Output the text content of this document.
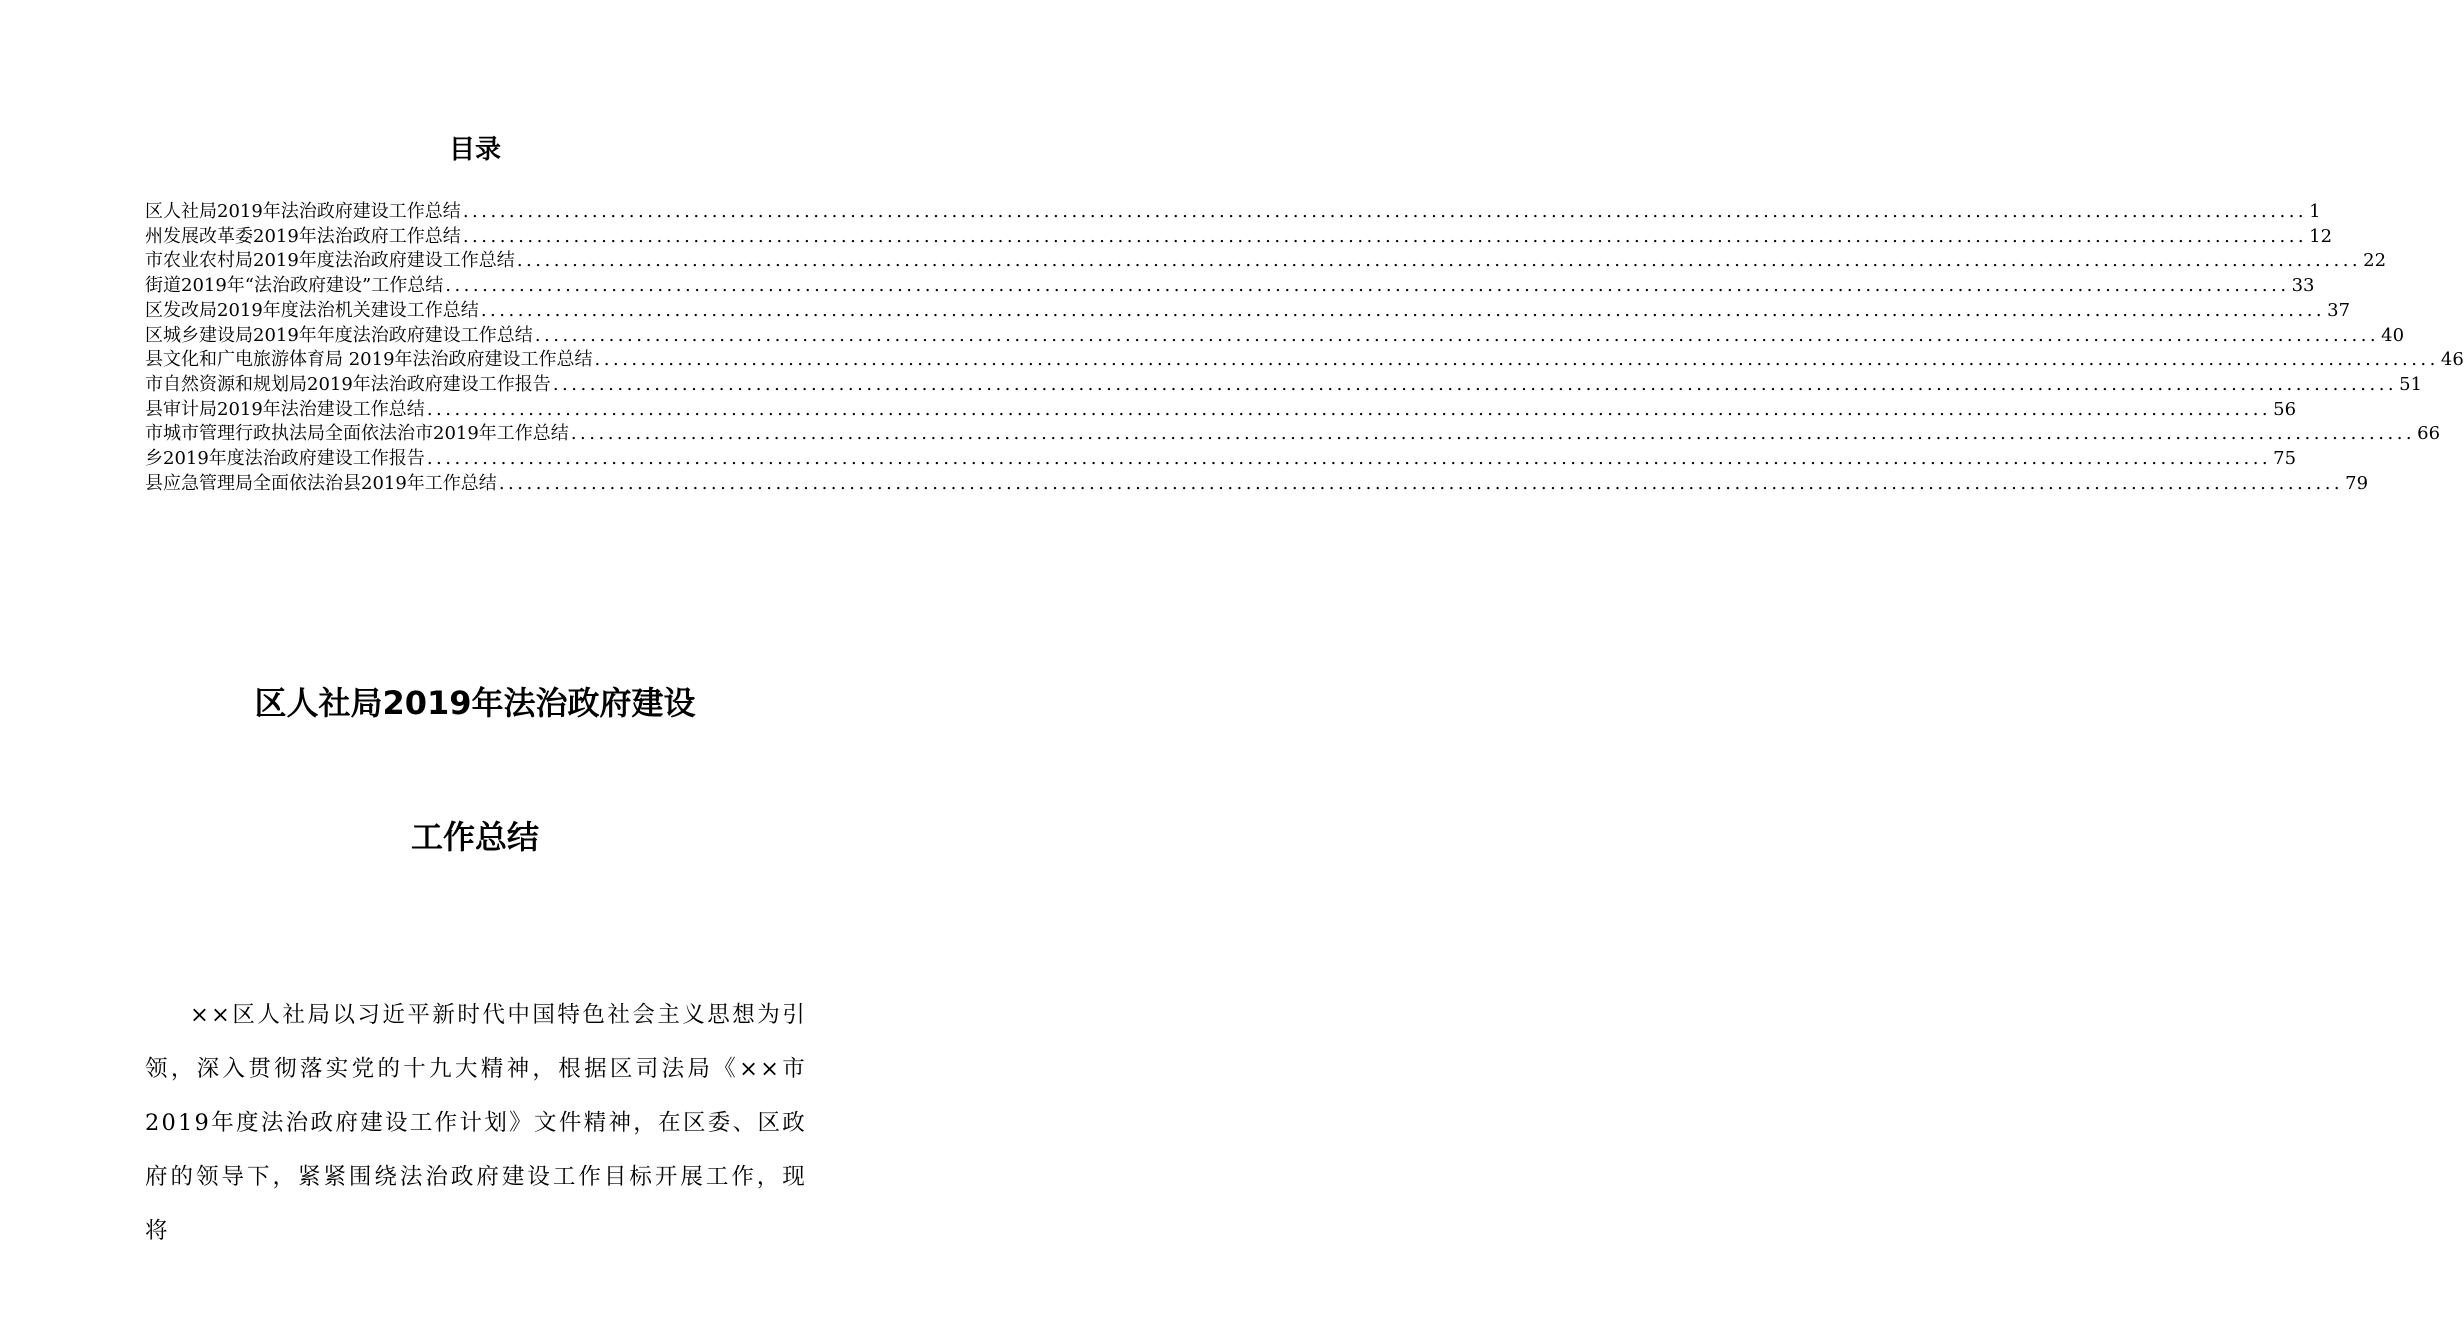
目录
区人社局2019年法治政府建设工作总结 ........................................................................................................................................................................................................ 1
州发展改革委2019年法治政府工作总结 ........................................................................................................................................................................................................ 12
市农业农村局2019年度法治政府建设工作总结 ........................................................................................................................................................................................................ 22
街道2019年“法治政府建设”工作总结 ........................................................................................................................................................................................................ 33
区发改局2019年度法治机关建设工作总结 ........................................................................................................................................................................................................ 37
区城乡建设局2019年年度法治政府建设工作总结 ........................................................................................................................................................................................................ 40
县文化和广电旅游体育局 2019年法治政府建设工作总结 ........................................................................................................................................................................................................ 46
市自然资源和规划局2019年法治政府建设工作报告 ........................................................................................................................................................................................................ 51
县审计局2019年法治建设工作总结 ........................................................................................................................................................................................................ 56
市城市管理行政执法局全面依法治市2019年工作总结 ........................................................................................................................................................................................................ 66
乡2019年度法治政府建设工作报告 ........................................................................................................................................................................................................ 75
县应急管理局全面依法治县2019年工作总结 ........................................................................................................................................................................................................ 79
区人社局2019年法治政府建设
工作总结

××区人社局以习近平新时代中国特色社会主义思想为引领，深入贯彻落实党的十九大精神，根据区司法局《××市2019年度法治政府建设工作计划》文件精神，在区委、区政府的领导下，紧紧围绕法治政府建设工作目标开展工作，现将
